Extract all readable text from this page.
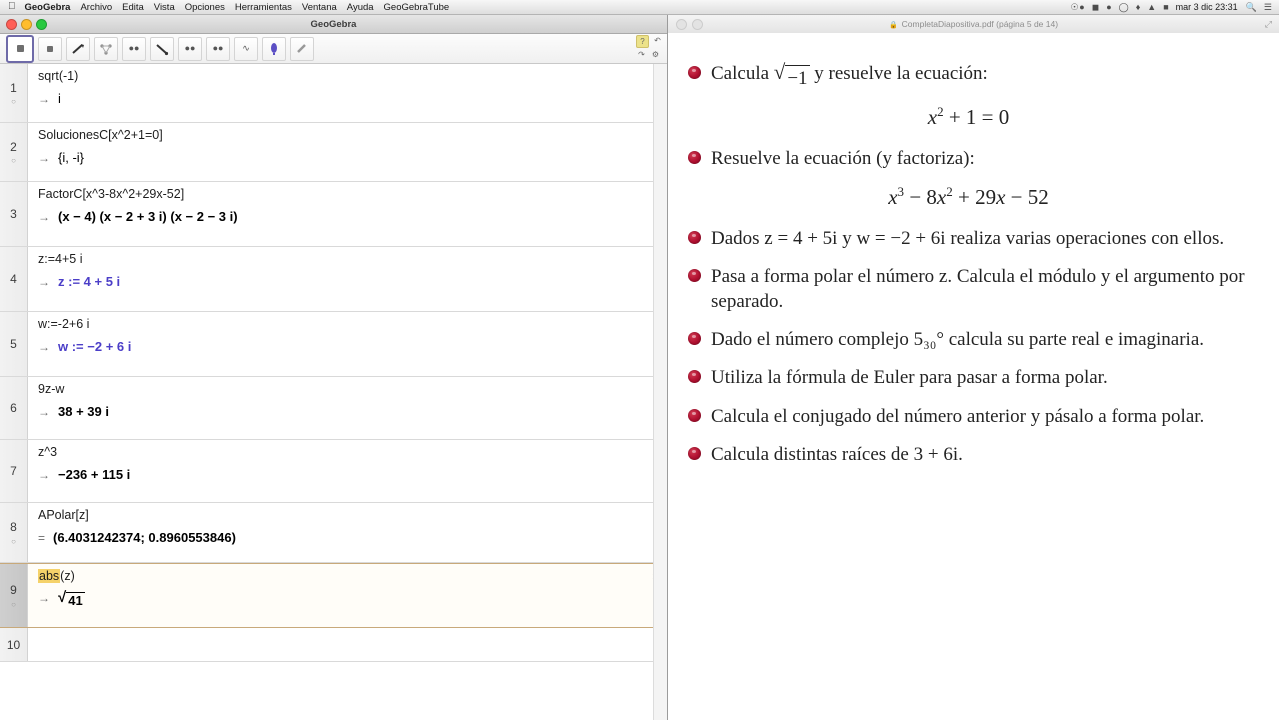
GeoGebra Archivo Edita Vista Opciones Herramientas Ventana Ayuda GeoGebraTube	☉ ● ◼ ● ◯ ♦ ▲ ■ mar 3 dic 23:31 🔍 ☰
GeoGebra
●●	●● ●● ∿
?	↶
↷ ⚙
1
○
sqrt(-1)
→ i
2
○
SolucionesC[x^2+1=0]
→ {i, -i}
3
FactorC[x^3-8x^2+29x-52]
→ (x − 4) (x − 2 + 3 i) (x − 2 − 3 i)
4
z:=4+5 i
→ z := 4 + 5 i
5
w:=-2+6 i
→ w := −2 + 6 i
6
9z-w
→ 38 + 39 i
7
z^3
→ −236 + 115 i
8
○
APolar[z]
= (6.4031242374; 0.8960553846)
9
○
abs(z)
→ √ 41
10
🔒 CompletaDiapositiva.pdf (página 5 de 14)	⤢
Calcula √ −1 y resuelve la ecuación:
$x^2 + 1 = 0$
Resuelve la ecuación (y factoriza):
$x^3 - 8x^2 + 29x - 52$
Dados z = 4 + 5i y w = −2 + 6i realiza varias operaciones con ellos.
Pasa a forma polar el número z. Calcula el módulo y el argumento por separado.
Dado el número complejo 5₃₀° calcula su parte real e imaginaria.
Utiliza la fórmula de Euler para pasar a forma polar.
Calcula el conjugado del número anterior y pásalo a forma polar.
Calcula distintas raíces de 3 + 6i.
